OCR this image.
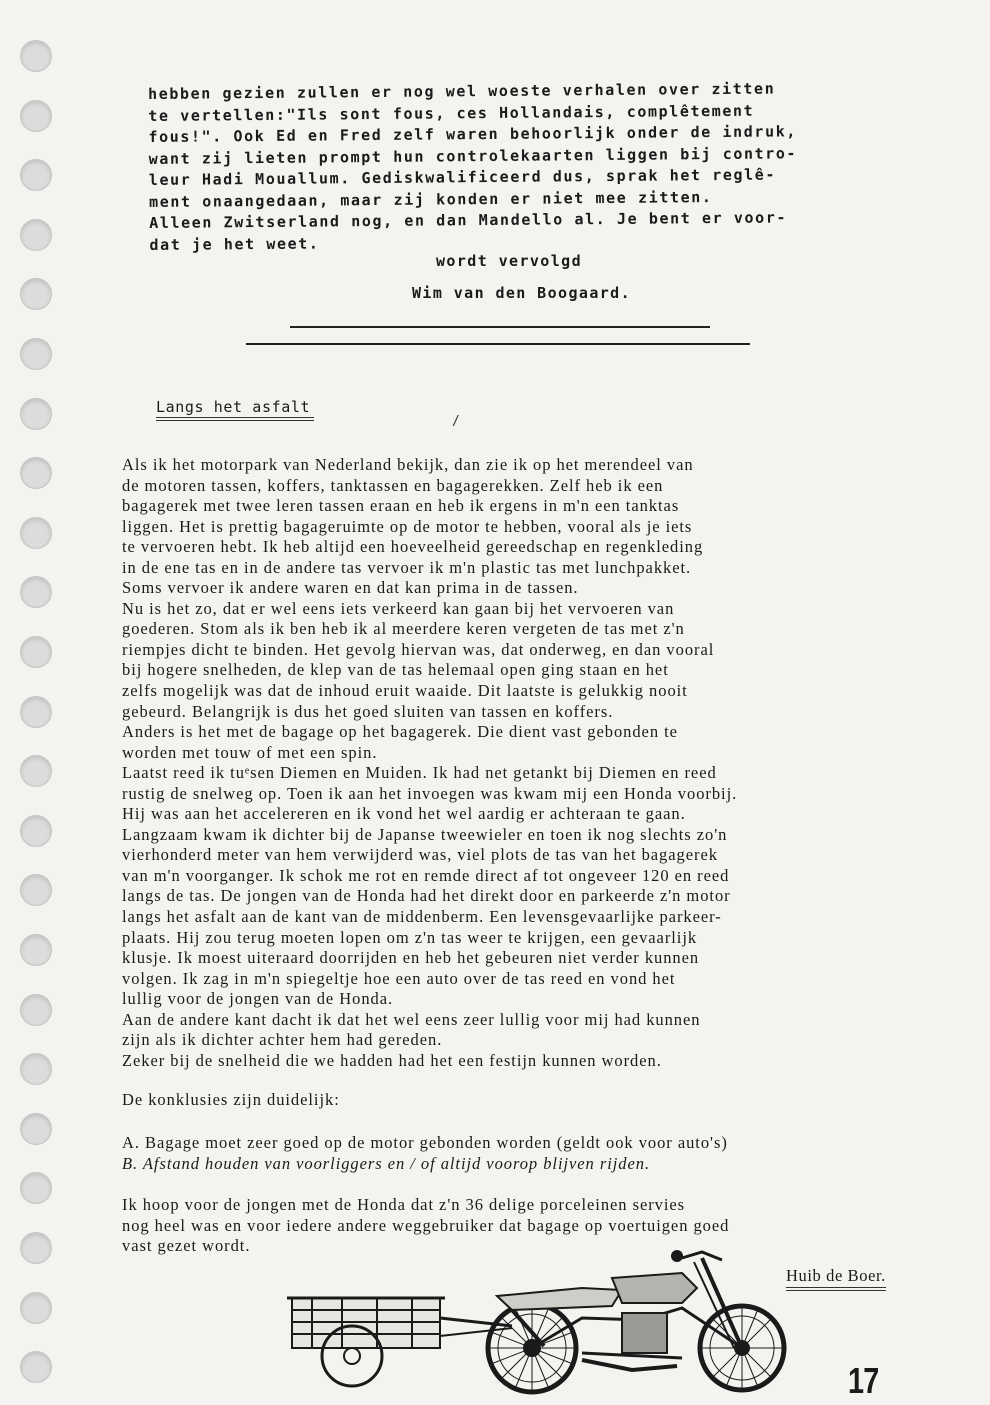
hebben gezien zullen er nog wel woeste verhalen over zitten
te vertellen:"Ils sont fous, ces Hollandais, complêtement
fous!". Ook Ed en Fred zelf waren behoorlijk onder de indruk,
want zij lieten prompt hun controlekaarten liggen bij contro-
leur Hadi Mouallum. Gediskwalificeerd dus, sprak het reglê-
ment onaangedaan, maar zij konden er niet mee zitten.
Alleen Zwitserland nog, en dan Mandello al. Je bent er voor-
dat je het weet.
wordt vervolgd
Wim van den Boogaard.
Langs het asfalt
/
Als ik het motorpark van Nederland bekijk, dan zie ik op het merendeel van
de motoren tassen, koffers, tanktassen en bagagerekken. Zelf heb ik een
bagagerek met twee leren tassen eraan en heb ik ergens in m'n een tanktas
liggen. Het is prettig bagageruimte op de motor te hebben, vooral als je iets
te vervoeren hebt. Ik heb altijd een hoeveelheid gereedschap en regenkleding
in de ene tas en in de andere tas vervoer ik m'n plastic tas met lunchpakket.
Soms vervoer ik andere waren en dat kan prima in de tassen.
Nu is het zo, dat er wel eens iets verkeerd kan gaan bij het vervoeren van
goederen. Stom als ik ben heb ik al meerdere keren vergeten de tas met z'n
riempjes dicht te binden. Het gevolg hiervan was, dat onderweg, en dan vooral
bij hogere snelheden, de klep van de tas helemaal open ging staan en het
zelfs mogelijk was dat de inhoud eruit waaide. Dit laatste is gelukkig nooit
gebeurd. Belangrijk is dus het goed sluiten van tassen en koffers.
Anders is het met de bagage op het bagagerek. Die dient vast gebonden te
worden met touw of met een spin.
Laatst reed ik tuᵉsen Diemen en Muiden. Ik had net getankt bij Diemen en reed
rustig de snelweg op. Toen ik aan het invoegen was kwam mij een Honda voorbij.
Hij was aan het accelereren en ik vond het wel aardig er achteraan te gaan.
Langzaam kwam ik dichter bij de Japanse tweewieler en toen ik nog slechts zo'n
vierhonderd meter van hem verwijderd was, viel plots de tas van het bagagerek
van m'n voorganger. Ik schok me rot en remde direct af tot ongeveer 120 en reed
langs de tas. De jongen van de Honda had het direkt door en parkeerde z'n motor
langs het asfalt aan de kant van de middenberm. Een levensgevaarlijke parkeer-
plaats. Hij zou terug moeten lopen om z'n tas weer te krijgen, een gevaarlijk
klusje. Ik moest uiteraard doorrijden en heb het gebeuren niet verder kunnen
volgen. Ik zag in m'n spiegeltje hoe een auto over de tas reed en vond het
lullig voor de jongen van de Honda.
Aan de andere kant dacht ik dat het wel eens zeer lullig voor mij had kunnen
zijn als ik dichter achter hem had gereden.
Zeker bij de snelheid die we hadden had het een festijn kunnen worden.
De konklusies zijn duidelijk:
A. Bagage moet zeer goed op de motor gebonden worden (geldt ook voor auto's)
B. Afstand houden van voorliggers en / of altijd voorop blijven rijden.
Ik hoop voor de jongen met de Honda dat z'n 36 delige porceleinen servies
nog heel was en voor iedere andere weggebruiker dat bagage op voertuigen goed
vast gezet wordt.
Huib de Boer.
17
